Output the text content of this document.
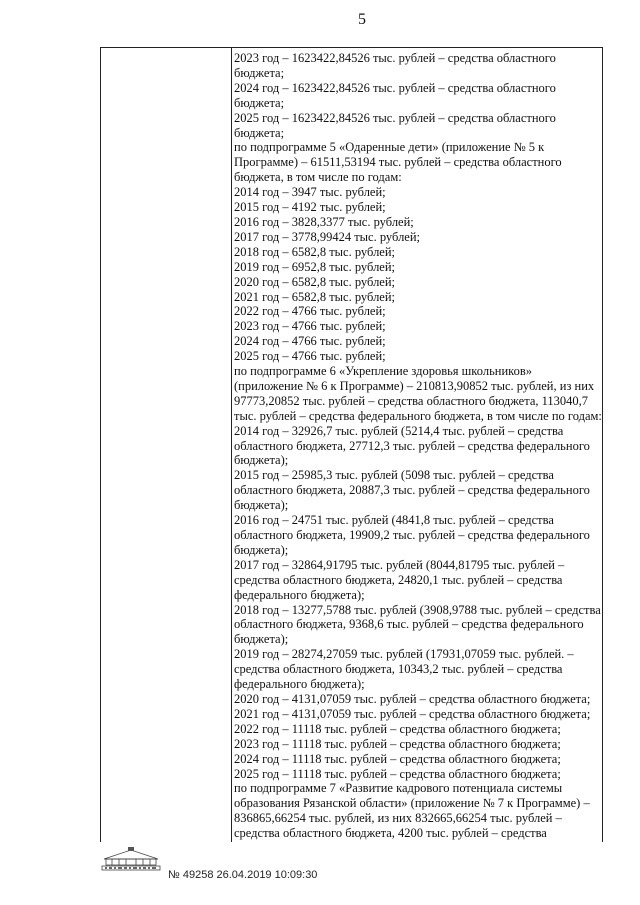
5
2023 год – 1623422,84526 тыс. рублей – средства областного
бюджета;
2024 год – 1623422,84526 тыс. рублей – средства областного
бюджета;
2025 год – 1623422,84526 тыс. рублей – средства областного
бюджета;
по подпрограмме 5 «Одаренные дети» (приложение № 5 к
Программе) – 61511,53194 тыс. рублей – средства областного
бюджета, в том числе по годам:
2014 год – 3947 тыс. рублей;
2015 год – 4192 тыс. рублей;
2016 год – 3828,3377 тыс. рублей;
2017 год – 3778,99424 тыс. рублей;
2018 год – 6582,8 тыс. рублей;
2019 год – 6952,8 тыс. рублей;
2020 год – 6582,8 тыс. рублей;
2021 год – 6582,8 тыс. рублей;
2022 год – 4766 тыс. рублей;
2023 год – 4766 тыс. рублей;
2024 год – 4766 тыс. рублей;
2025 год – 4766 тыс. рублей;
по подпрограмме 6 «Укрепление здоровья школьников»
(приложение № 6 к Программе) – 210813,90852 тыс. рублей, из них
97773,20852 тыс. рублей – средства областного бюджета, 113040,7
тыс. рублей – средства федерального бюджета, в том числе по годам:
2014 год – 32926,7 тыс. рублей (5214,4 тыс. рублей – средства
областного бюджета, 27712,3 тыс. рублей – средства федерального
бюджета);
2015 год – 25985,3 тыс. рублей (5098 тыс. рублей – средства
областного бюджета, 20887,3 тыс. рублей – средства федерального
бюджета);
2016 год – 24751 тыс. рублей (4841,8 тыс. рублей – средства
областного бюджета, 19909,2 тыс. рублей – средства федерального
бюджета);
2017 год – 32864,91795 тыс. рублей (8044,81795 тыс. рублей –
средства областного бюджета, 24820,1 тыс. рублей – средства
федерального бюджета);
2018 год – 13277,5788 тыс. рублей (3908,9788 тыс. рублей – средства
областного бюджета, 9368,6 тыс. рублей – средства федерального
бюджета);
2019 год – 28274,27059 тыс. рублей (17931,07059 тыс. рублей. –
средства областного бюджета, 10343,2 тыс. рублей – средства
федерального бюджета);
2020 год – 4131,07059 тыс. рублей – средства областного бюджета;
2021 год – 4131,07059 тыс. рублей – средства областного бюджета;
2022 год – 11118 тыс. рублей – средства областного бюджета;
2023 год – 11118 тыс. рублей – средства областного бюджета;
2024 год – 11118 тыс. рублей – средства областного бюджета;
2025 год – 11118 тыс. рублей – средства областного бюджета;
по подпрограмме 7 «Развитие кадрового потенциала системы
образования Рязанской области» (приложение № 7 к Программе) –
836865,66254 тыс. рублей, из них 832665,66254 тыс. рублей –
средства областного бюджета, 4200 тыс. рублей – средства
№ 49258 26.04.2019 10:09:30
